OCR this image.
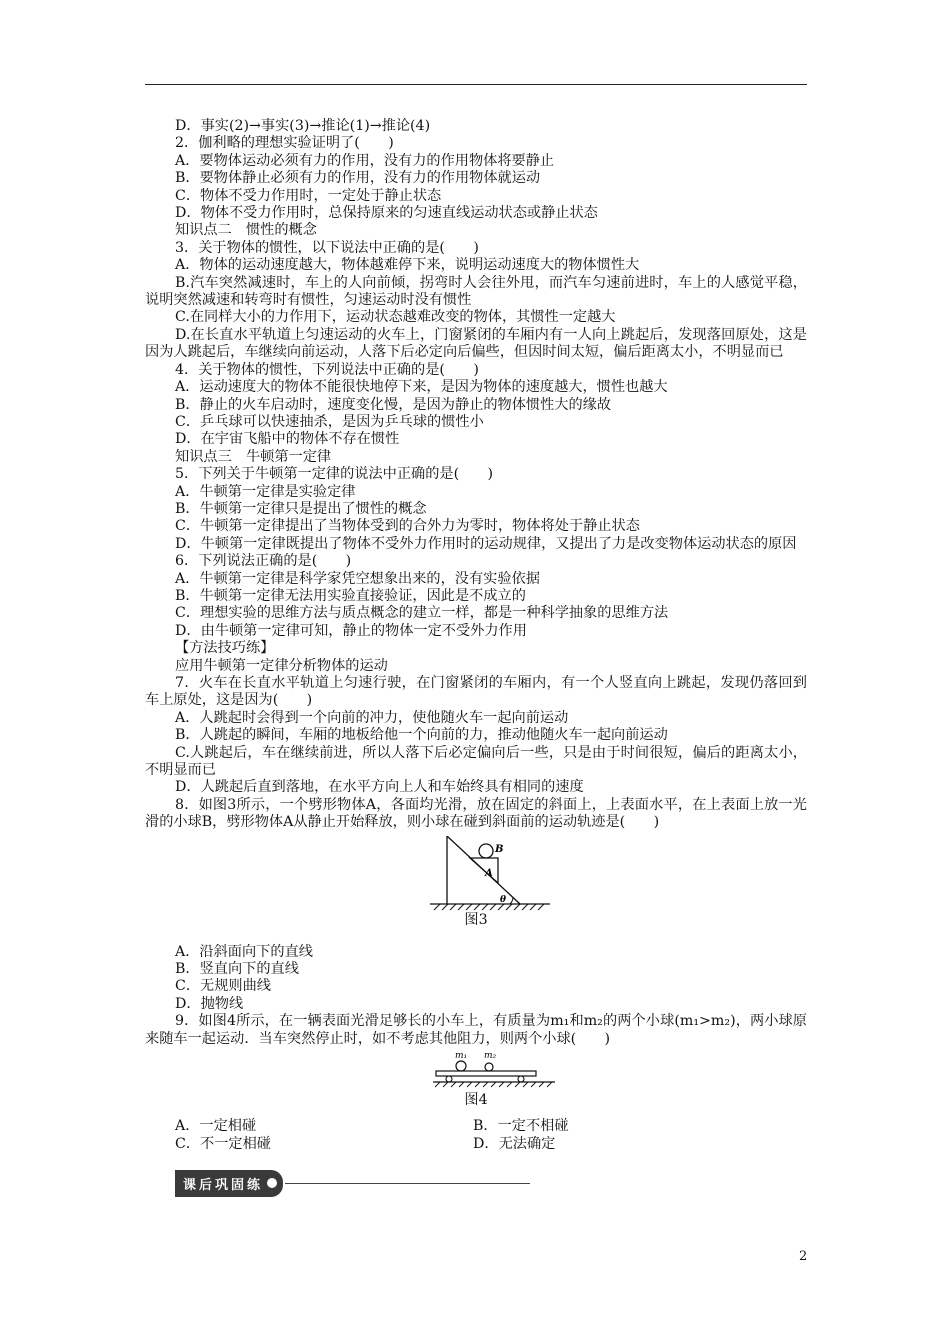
D．事实(2)→事实(3)→推论(1)→推论(4)

2．伽利略的理想实验证明了(　　)

A．要物体运动必须有力的作用，没有力的作用物体将要静止

B．要物体静止必须有力的作用，没有力的作用物体就运动

C．物体不受力作用时，一定处于静止状态

D．物体不受力作用时，总保持原来的匀速直线运动状态或静止状态

知识点二　惯性的概念

3．关于物体的惯性，以下说法中正确的是(　　)

A．物体的运动速度越大，物体越难停下来，说明运动速度大的物体惯性大

B.汽车突然减速时，车上的人向前倾，拐弯时人会往外甩，而汽车匀速前进时，车上的人感觉平稳，说明突然减速和转弯时有惯性，匀速运动时没有惯性

C.在同样大小的力作用下，运动状态越难改变的物体，其惯性一定越大

D.在长直水平轨道上匀速运动的火车上，门窗紧闭的车厢内有一人向上跳起后，发现落回原处，这是因为人跳起后，车继续向前运动，人落下后必定向后偏些，但因时间太短，偏后距离太小，不明显而已

4．关于物体的惯性，下列说法中正确的是(　　)

A．运动速度大的物体不能很快地停下来，是因为物体的速度越大，惯性也越大

B．静止的火车启动时，速度变化慢，是因为静止的物体惯性大的缘故

C．乒乓球可以快速抽杀，是因为乒乓球的惯性小

D．在宇宙飞船中的物体不存在惯性

知识点三　牛顿第一定律

5．下列关于牛顿第一定律的说法中正确的是(　　)

A．牛顿第一定律是实验定律

B．牛顿第一定律只是提出了惯性的概念

C．牛顿第一定律提出了当物体受到的合外力为零时，物体将处于静止状态

D．牛顿第一定律既提出了物体不受外力作用时的运动规律，又提出了力是改变物体运动状态的原因

6．下列说法正确的是(　　)

A．牛顿第一定律是科学家凭空想象出来的，没有实验依据

B．牛顿第一定律无法用实验直接验证，因此是不成立的

C．理想实验的思维方法与质点概念的建立一样，都是一种科学抽象的思维方法

D．由牛顿第一定律可知，静止的物体一定不受外力作用

【方法技巧练】

应用牛顿第一定律分析物体的运动

7．火车在长直水平轨道上匀速行驶，在门窗紧闭的车厢内，有一个人竖直向上跳起，发现仍落回到车上原处，这是因为(　　)

A．人跳起时会得到一个向前的冲力，使他随火车一起向前运动

B．人跳起的瞬间，车厢的地板给他一个向前的力，推动他随火车一起向前运动

C.人跳起后，车在继续前进，所以人落下后必定偏向后一些，只是由于时间很短，偏后的距离太小，不明显而已

D．人跳起后直到落地，在水平方向上人和车始终具有相同的速度

8．如图3所示，一个劈形物体A，各面均光滑，放在固定的斜面上，上表面水平，在上表面上放一光滑的小球B，劈形物体A从静止开始释放，则小球在碰到斜面前的运动轨迹是(　　)

B
A
θ
图3

A．沿斜面向下的直线

B．竖直向下的直线

C．无规则曲线

D．抛物线

9．如图4所示，在一辆表面光滑足够长的小车上，有质量为m₁和m₂的两个小球(m₁>m₂)，两小球原来随车一起运动．当车突然停止时，如不考虑其他阻力，则两个小球(　　)

m₁ m₂
图4
A．一定相碰	B．一定不相碰
C．不一定相碰	D．无法确定
课后巩固练
2
